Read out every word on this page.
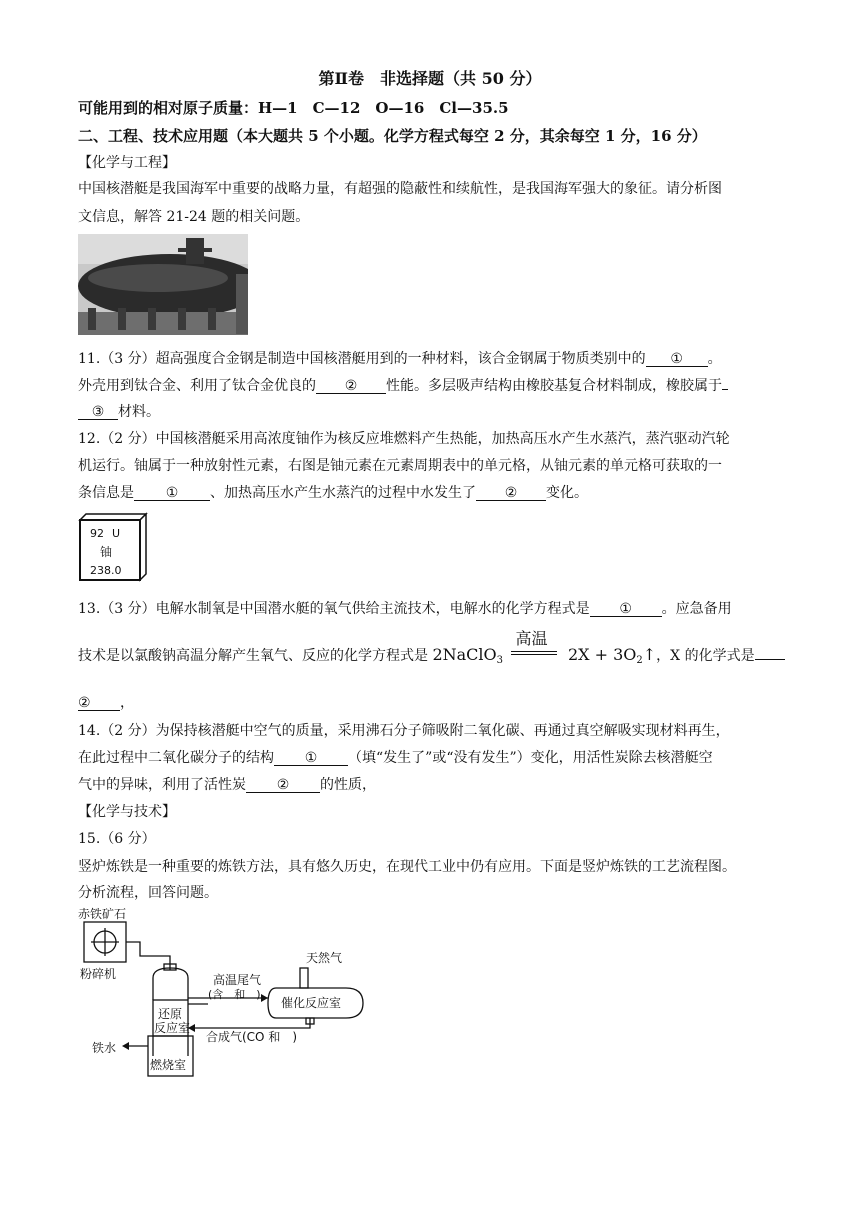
第Ⅱ卷　非选择题（共 50 分）
可能用到的相对原子质量：H—1　C—12　O—16　Cl—35.5
二、工程、技术应用题（本大题共 5 个小题。化学方程式每空 2 分，其余每空 1 分，16 分）
【化学与工程】
中国核潜艇是我国海军中重要的战略力量，有超强的隐蔽性和续航性，是我国海军强大的象征。请分析图
文信息，解答 21-24 题的相关问题。
11.（3 分）超高强度合金钢是制造中国核潜艇用到的一种材料，该合金钢属于物质类别中的 ① 。
外壳用到钛合金、利用了钛合金优良的 ② 性能。多层吸声结构由橡胶基复合材料制成，橡胶属于
③ 材料。
12.（2 分）中国核潜艇采用高浓度铀作为核反应堆燃料产生热能，加热高压水产生水蒸汽，蒸汽驱动汽轮
机运行。铀属于一种放射性元素，右图是铀元素在元素周期表中的单元格，从铀元素的单元格可获取的一
条信息是 ① 、加热高压水产生水蒸汽的过程中水发生了 ② 变化。
92 U
铀
238.0
13.（3 分）电解水制氧是中国潜水艇的氧气供给主流技术，电解水的化学方程式是 ① 。应急备用
技术是以氯酸钠高温分解产生氧气、反应的化学方程式是 2NaClO$_3$
高温
$2X + 3O_2↑$，X 的化学式是
② ，
14.（2 分）为保持核潜艇中空气的质量，采用沸石分子筛吸附二氧化碳、再通过真空解吸实现材料再生，
在此过程中二氧化碳分子的结构 ① （填“发生了”或“没有发生”）变化，用活性炭除去核潜艇空
气中的异味，利用了活性炭 ② 的性质，
【化学与技术】
15.（6 分）
竖炉炼铁是一种重要的炼铁方法，具有悠久历史，在现代工业中仍有应用。下面是竖炉炼铁的工艺流程图。
分析流程，回答问题。
赤铁矿石
粉碎机
还原
反应室
燃烧室
铁水
高温尾气
(含　和　)
天然气
催化反应室
合成气(CO 和　)
